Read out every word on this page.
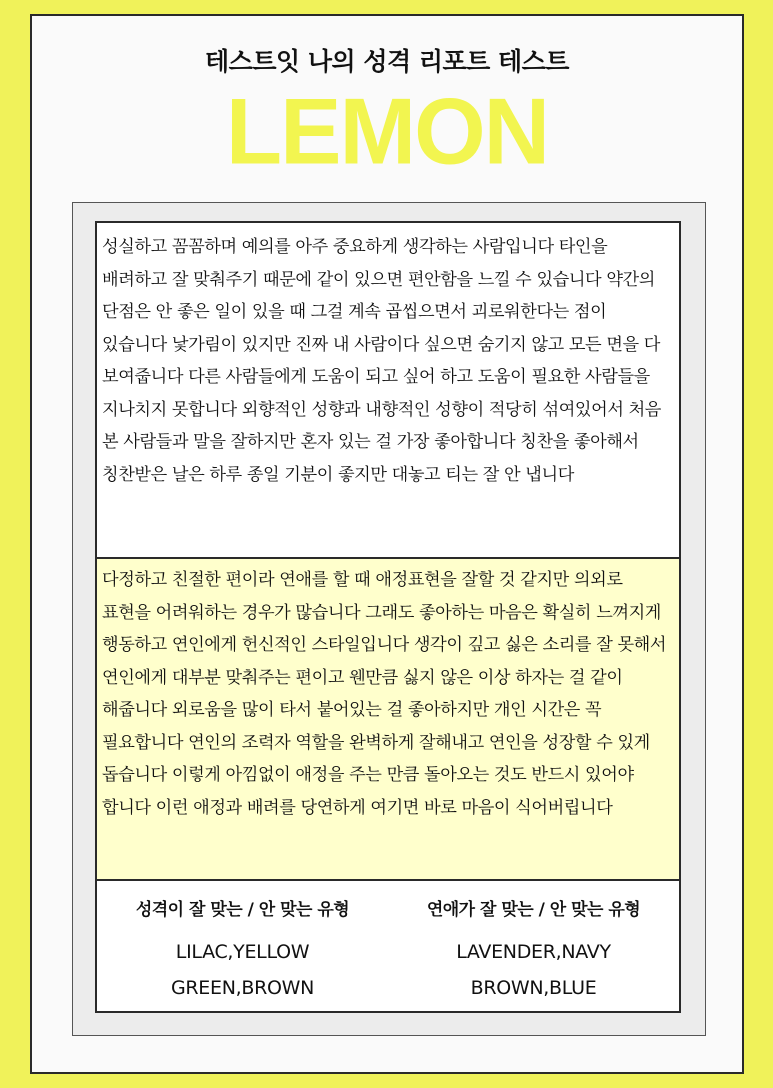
테스트잇 나의 성격 리포트 테스트
LEMON
성실하고 꼼꼼하며 예의를 아주 중요하게 생각하는 사람입니다 타인을 배려하고 잘 맞춰주기 때문에 같이 있으면 편안함을 느낄 수 있습니다 약간의 단점은 안 좋은 일이 있을 때 그걸 계속 곱씹으면서 괴로워한다는 점이 있습니다 낯가림이 있지만 진짜 내 사람이다 싶으면 숨기지 않고 모든 면을 다 보여줍니다 다른 사람들에게 도움이 되고 싶어 하고 도움이 필요한 사람들을 지나치지 못합니다 외향적인 성향과 내향적인 성향이 적당히 섞여있어서 처음 본 사람들과 말을 잘하지만 혼자 있는 걸 가장 좋아합니다 칭찬을 좋아해서 칭찬받은 날은 하루 종일 기분이 좋지만 대놓고 티는 잘 안 냅니다
다정하고 친절한 편이라 연애를 할 때 애정표현을 잘할 것 같지만 의외로 표현을 어려워하는 경우가 많습니다 그래도 좋아하는 마음은 확실히 느껴지게 행동하고 연인에게 헌신적인 스타일입니다 생각이 깊고 싫은 소리를 잘 못해서 연인에게 대부분 맞춰주는 편이고 웬만큼 싫지 않은 이상 하자는 걸 같이 해줍니다 외로움을 많이 타서 붙어있는 걸 좋아하지만 개인 시간은 꼭 필요합니다 연인의 조력자 역할을 완벽하게 잘해내고 연인을 성장할 수 있게 돕습니다 이렇게 아낌없이 애정을 주는 만큼 돌아오는 것도 반드시 있어야 합니다 이런 애정과 배려를 당연하게 여기면 바로 마음이 식어버립니다
성격이 잘 맞는 / 안 맞는 유형
LILAC,YELLOW
GREEN,BROWN
연애가 잘 맞는 / 안 맞는 유형
LAVENDER,NAVY
BROWN,BLUE
